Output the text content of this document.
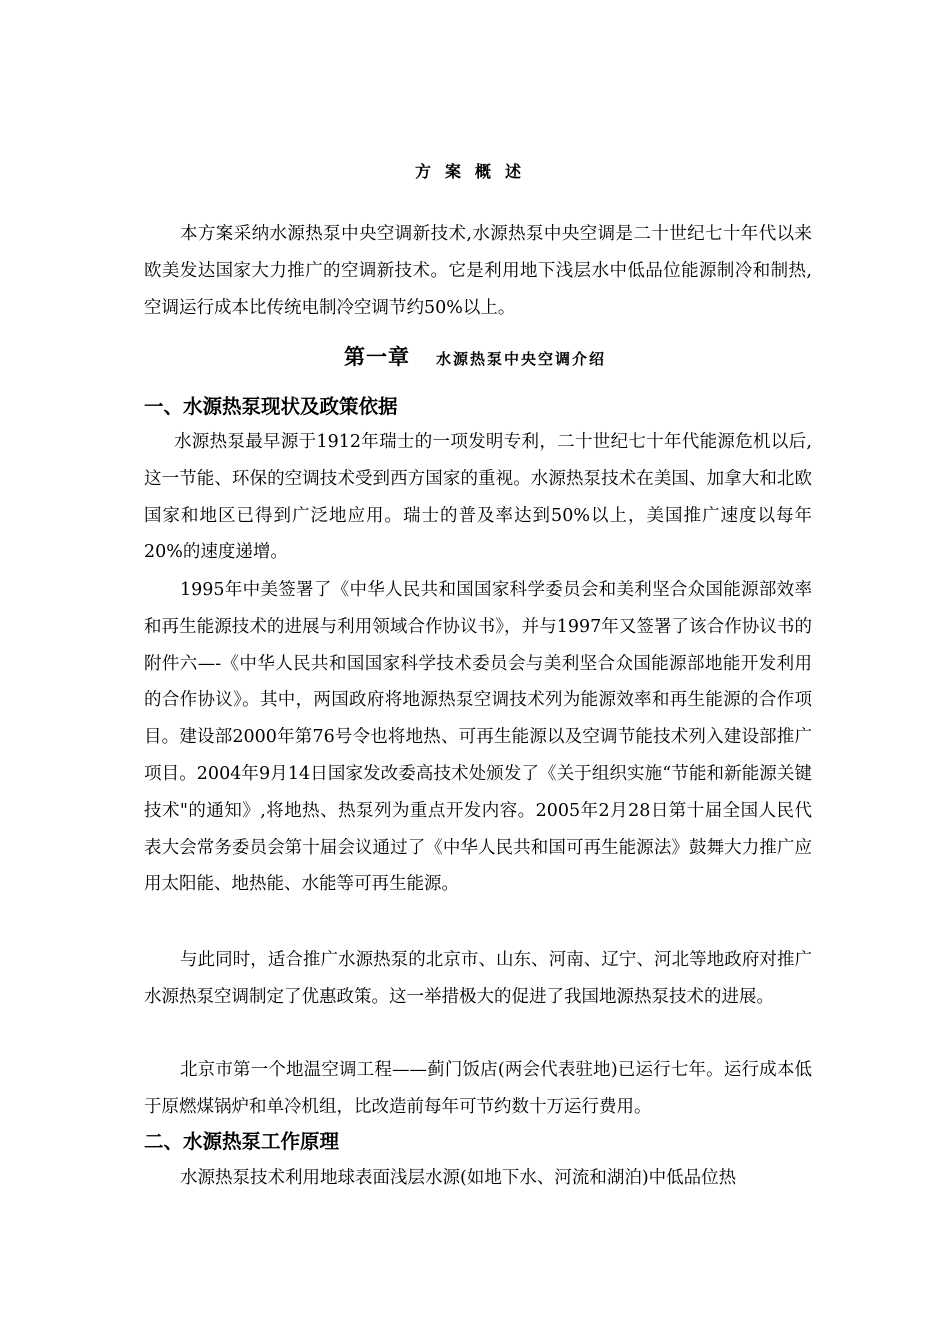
方案概述

本方案采纳水源热泵中央空调新技术,水源热泵中央空调是二十世纪七十年代以来欧美发达国家大力推广的空调新技术。它是利用地下浅层水中低品位能源制冷和制热,空调运行成本比传统电制冷空调节约50%以上。

第一章 水源热泵中央空调介绍
一、水源热泵现状及政策依据

水源热泵最早源于1912年瑞士的一项发明专利，二十世纪七十年代能源危机以后,这一节能、环保的空调技术受到西方国家的重视。水源热泵技术在美国、加拿大和北欧国家和地区已得到广泛地应用。瑞士的普及率达到50%以上，美国推广速度以每年20%的速度递增。

1995年中美签署了《中华人民共和国国家科学委员会和美利坚合众国能源部效率和再生能源技术的进展与利用领域合作协议书》，并与1997年又签署了该合作协议书的附件六—-《中华人民共和国国家科学技术委员会与美利坚合众国能源部地能开发利用的合作协议》。其中，两国政府将地源热泵空调技术列为能源效率和再生能源的合作项目。建设部2000年第76号令也将地热、可再生能源以及空调节能技术列入建设部推广项目。2004年9月14日国家发改委高技术处颁发了《关于组织实施“节能和新能源关键技术"的通知》,将地热、热泵列为重点开发内容。2005年2月28日第十届全国人民代表大会常务委员会第十届会议通过了《中华人民共和国可再生能源法》鼓舞大力推广应用太阳能、地热能、水能等可再生能源。

与此同时，适合推广水源热泵的北京市、山东、河南、辽宁、河北等地政府对推广水源热泵空调制定了优惠政策。这一举措极大的促进了我国地源热泵技术的进展。

北京市第一个地温空调工程——蓟门饭店(两会代表驻地)已运行七年。运行成本低于原燃煤锅炉和单冷机组，比改造前每年可节约数十万运行费用。

二、水源热泵工作原理

水源热泵技术利用地球表面浅层水源(如地下水、河流和湖泊)中低品位热
